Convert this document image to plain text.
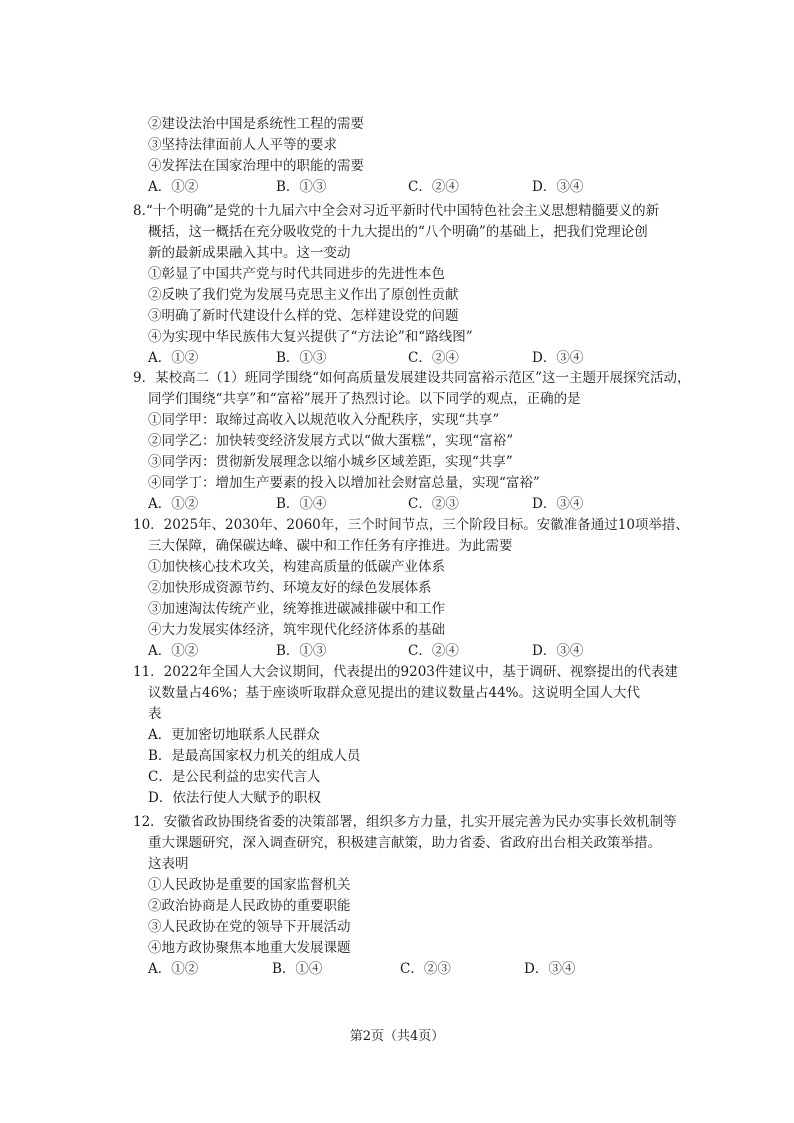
②建设法治中国是系统性工程的需要
③坚持法律面前人人平等的要求
④发挥法在国家治理中的职能的需要
A．①②	B．①③	C．②④	D．③④
8.“十个明确”是党的十九届六中全会对习近平新时代中国特色社会主义思想精髓要义的新
概括，这一概括在充分吸收党的十九大提出的“八个明确”的基础上，把我们党理论创
新的最新成果融入其中。这一变动
①彰显了中国共产党与时代共同进步的先进性本色
②反映了我们党为发展马克思主义作出了原创性贡献
③明确了新时代建设什么样的党、怎样建设党的问题
④为实现中华民族伟大复兴提供了“方法论”和“路线图”
A．①②	B．①③	C．②④	D．③④
9．某校高二（1）班同学围绕“如何高质量发展建设共同富裕示范区”这一主题开展探究活动，
同学们围绕“共享”和“富裕”展开了热烈讨论。以下同学的观点，正确的是
①同学甲：取缔过高收入以规范收入分配秩序，实现“共享”
②同学乙：加快转变经济发展方式以“做大蛋糕”，实现“富裕”
③同学丙：贯彻新发展理念以缩小城乡区域差距，实现“共享”
④同学丁：增加生产要素的投入以增加社会财富总量，实现“富裕”
A．①②	B．①④	C．②③	D．③④
10．2025年、2030年、2060年，三个时间节点，三个阶段目标。安徽准备通过10项举措、
三大保障，确保碳达峰、碳中和工作任务有序推进。为此需要
①加快核心技术攻关，构建高质量的低碳产业体系
②加快形成资源节约、环境友好的绿色发展体系
③加速淘汰传统产业，统筹推进碳减排碳中和工作
④大力发展实体经济，筑牢现代化经济体系的基础
A．①②	B．①③	C．②④	D．③④
11．2022年全国人大会议期间，代表提出的9203件建议中，基于调研、视察提出的代表建
议数量占46%；基于座谈听取群众意见提出的建议数量占44%。这说明全国人大代
表
A．更加密切地联系人民群众
B．是最高国家权力机关的组成人员
C．是公民利益的忠实代言人
D．依法行使人大赋予的职权
12．安徽省政协围绕省委的决策部署，组织多方力量，扎实开展完善为民办实事长效机制等
重大课题研究，深入调查研究，积极建言献策，助力省委、省政府出台相关政策举措。
这表明
①人民政协是重要的国家监督机关
②政治协商是人民政协的重要职能
③人民政协在党的领导下开展活动
④地方政协聚焦本地重大发展课题
A．①②	B．①④	C．②③	D．③④
第2页（共4页）
